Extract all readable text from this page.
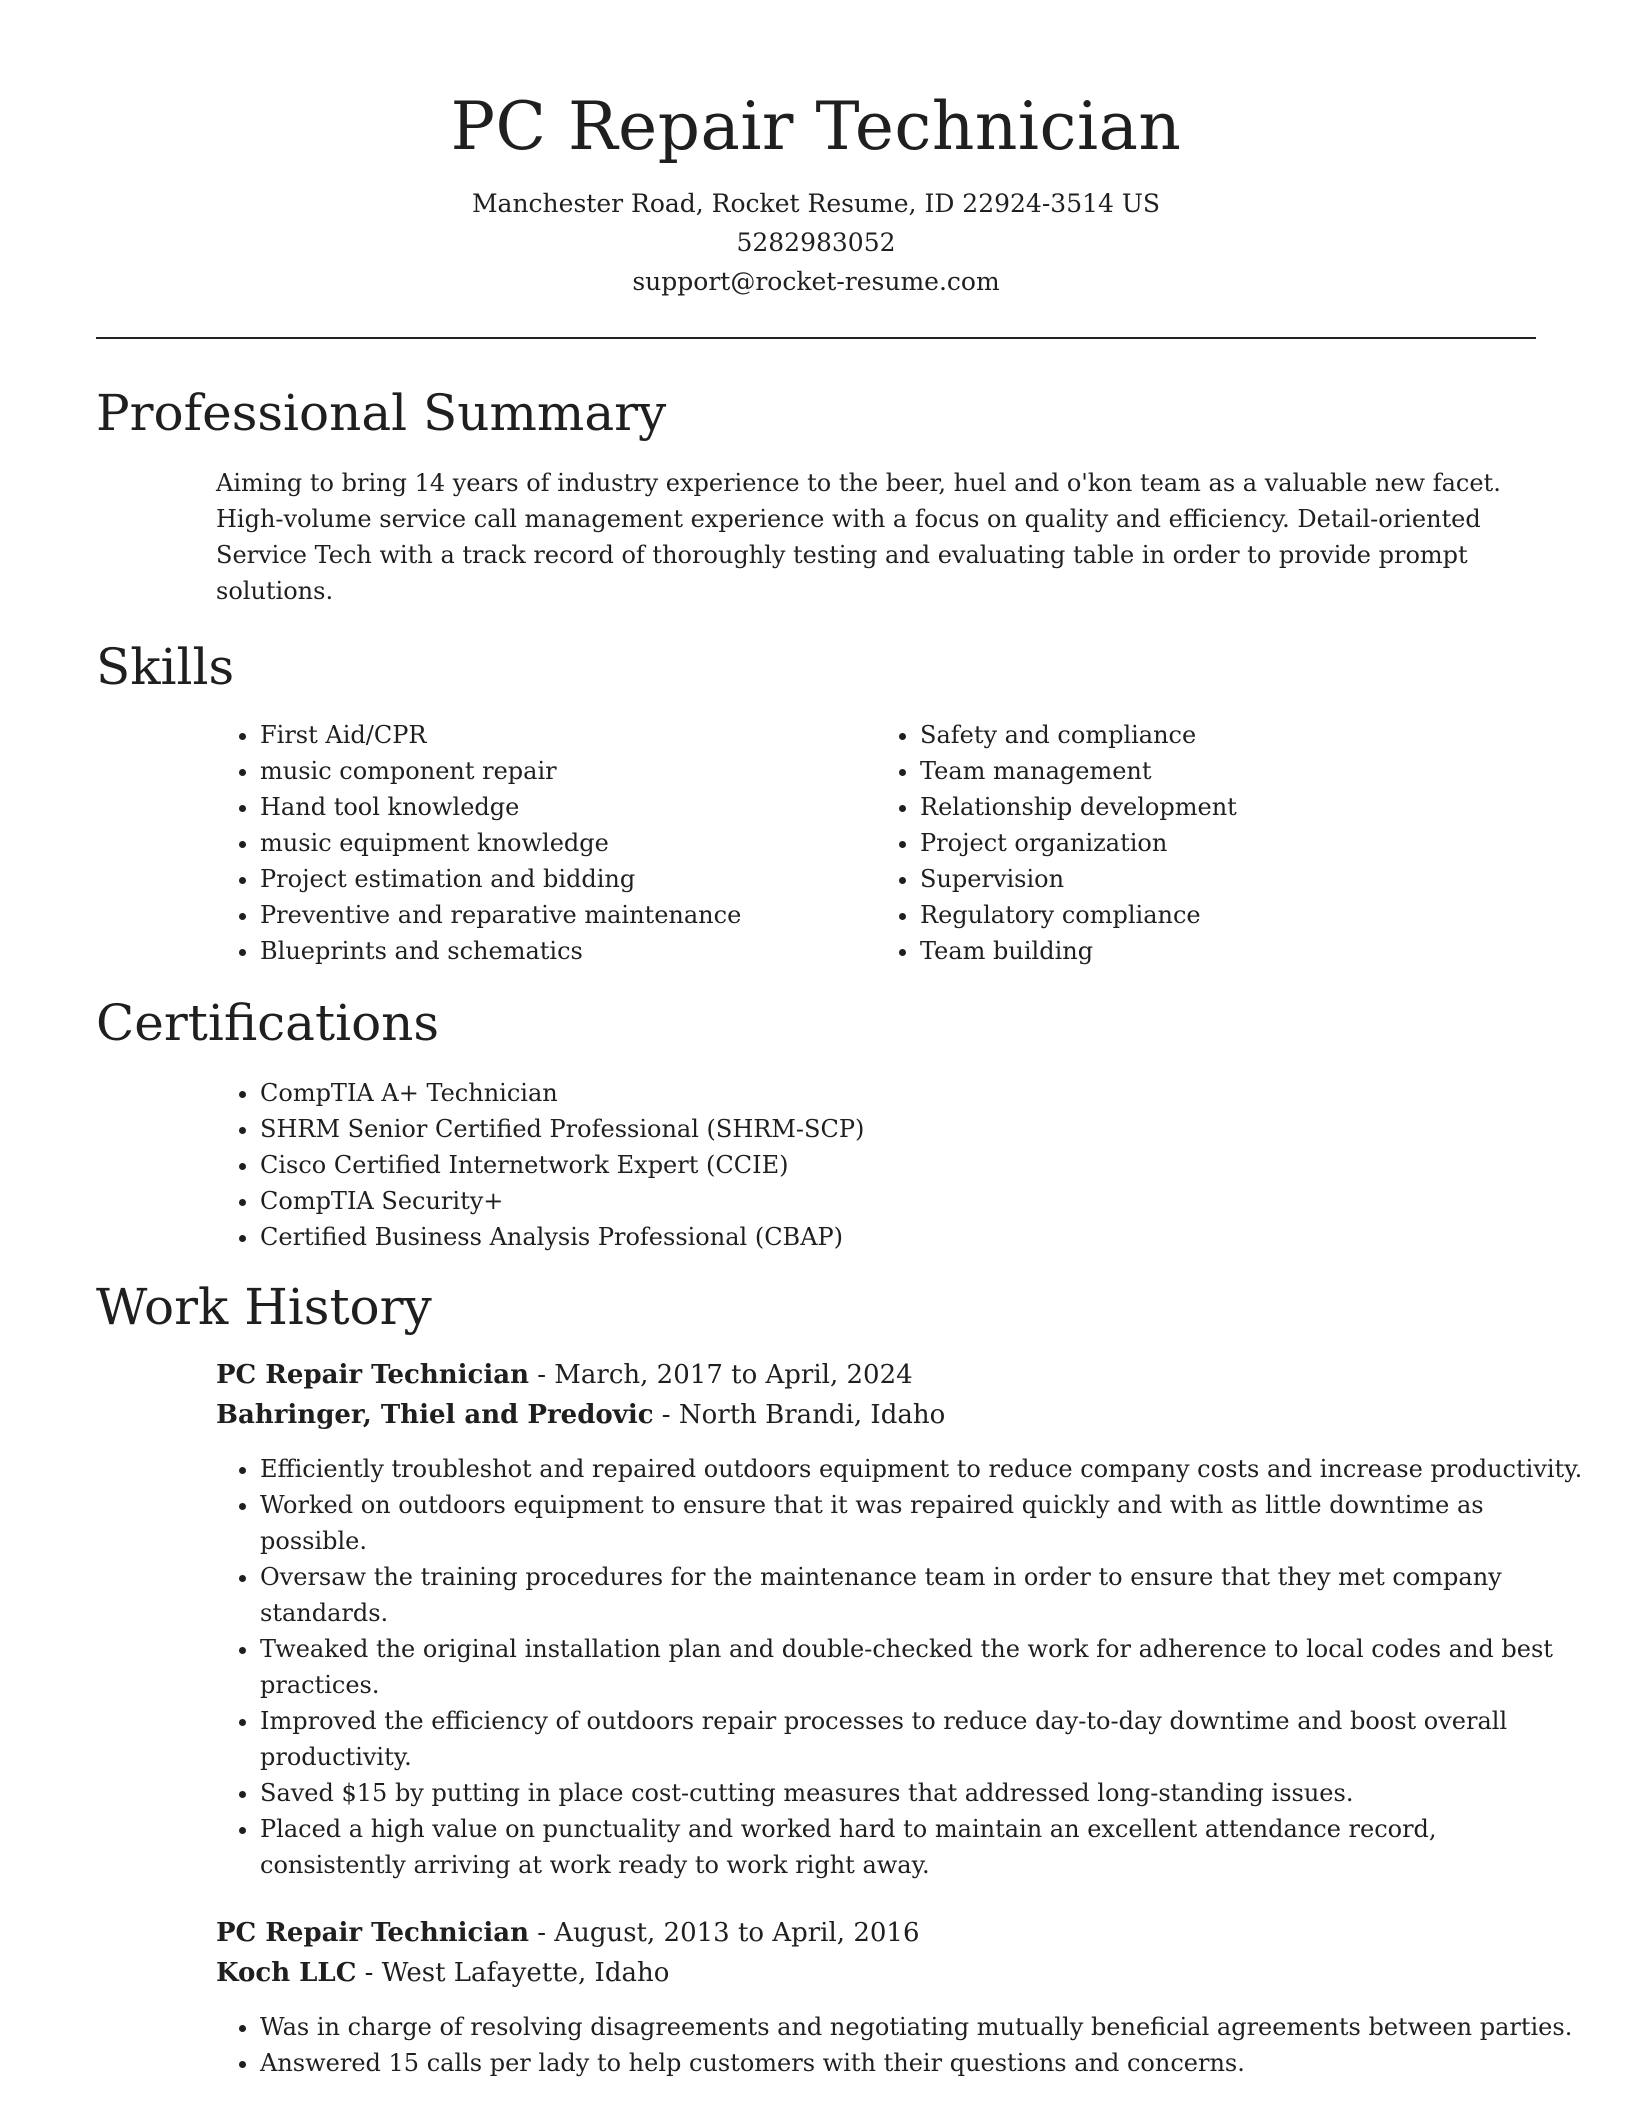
PC Repair Technician
Manchester Road, Rocket Resume, ID 22924-3514 US
5282983052
support@rocket-resume.com
Professional Summary

Aiming to bring 14 years of industry experience to the beer, huel and o'kon team as a valuable new facet. High-volume service call management experience with a focus on quality and efficiency. Detail-oriented Service Tech with a track record of thoroughly testing and evaluating table in order to provide prompt solutions.

Skills
• First Aid/CPR
• music component repair
• Hand tool knowledge
• music equipment knowledge
• Project estimation and bidding
• Preventive and reparative maintenance
• Blueprints and schematics
• Safety and compliance
• Team management
• Relationship development
• Project organization
• Supervision
• Regulatory compliance
• Team building
Certifications
• CompTIA A+ Technician
• SHRM Senior Certified Professional (SHRM-SCP)
• Cisco Certified Internetwork Expert (CCIE)
• CompTIA Security+
• Certified Business Analysis Professional (CBAP)
Work History
PC Repair Technician - March, 2017 to April, 2024
Bahringer, Thiel and Predovic - North Brandi, Idaho
• Efficiently troubleshot and repaired outdoors equipment to reduce company costs and increase productivity.
• Worked on outdoors equipment to ensure that it was repaired quickly and with as little downtime as possible.
• Oversaw the training procedures for the maintenance team in order to ensure that they met company standards.
• Tweaked the original installation plan and double-checked the work for adherence to local codes and best practices.
• Improved the efficiency of outdoors repair processes to reduce day-to-day downtime and boost overall productivity.
• Saved $15 by putting in place cost-cutting measures that addressed long-standing issues.
• Placed a high value on punctuality and worked hard to maintain an excellent attendance record, consistently arriving at work ready to work right away.
PC Repair Technician - August, 2013 to April, 2016
Koch LLC - West Lafayette, Idaho
• Was in charge of resolving disagreements and negotiating mutually beneficial agreements between parties.
• Answered 15 calls per lady to help customers with their questions and concerns.
